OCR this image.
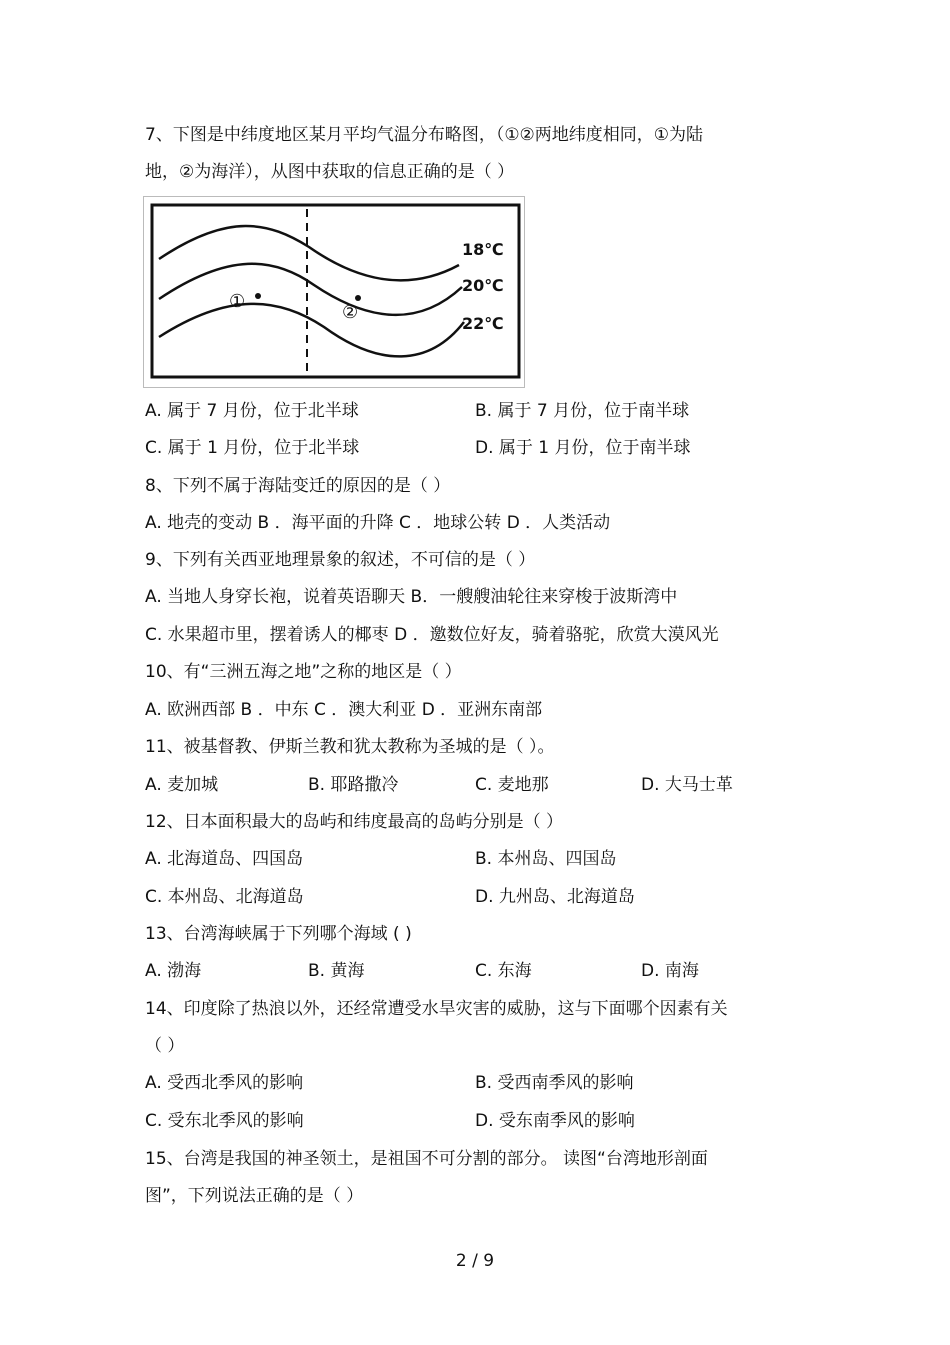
7、下图是中纬度地区某月平均气温分布略图，（①②两地纬度相同，①为陆
地，②为海洋），从图中获取的信息正确的是（ ）
18℃
20℃
22℃
①
②
A. 属于 7 月份，位于北半球	B. 属于 7 月份，位于南半球
C. 属于 1 月份，位于北半球	D. 属于 1 月份，位于南半球
8、下列不属于海陆变迁的原因的是（ ）
A. 地壳的变动 B ．海平面的升降 C ．地球公转 D ．人类活动
9、下列有关西亚地理景象的叙述，不可信的是（ ）
A. 当地人身穿长袍，说着英语聊天 B．一艘艘油轮往来穿梭于波斯湾中
C. 水果超市里，摆着诱人的椰枣 D ．邀数位好友，骑着骆驼，欣赏大漠风光
10、有“三洲五海之地”之称的地区是（ ）
A. 欧洲西部 B ．中东 C ．澳大利亚 D ．亚洲东南部
11、被基督教、伊斯兰教和犹太教称为圣城的是（ ）。
A. 麦加城	B. 耶路撒冷	C. 麦地那	D. 大马士革
12、日本面积最大的岛屿和纬度最高的岛屿分别是（ ）
A. 北海道岛、四国岛	B. 本州岛、四国岛
C. 本州岛、北海道岛	D. 九州岛、北海道岛
13、台湾海峡属于下列哪个海域 ( )
A. 渤海	B. 黄海	C. 东海	D. 南海
14、印度除了热浪以外，还经常遭受水旱灾害的威胁，这与下面哪个因素有关
（ ）
A. 受西北季风的影响	B. 受西南季风的影响
C. 受东北季风的影响	D. 受东南季风的影响
15、台湾是我国的神圣领土，是祖国不可分割的部分。 读图“台湾地形剖面
图”，下列说法正确的是（ ）
2 / 9
